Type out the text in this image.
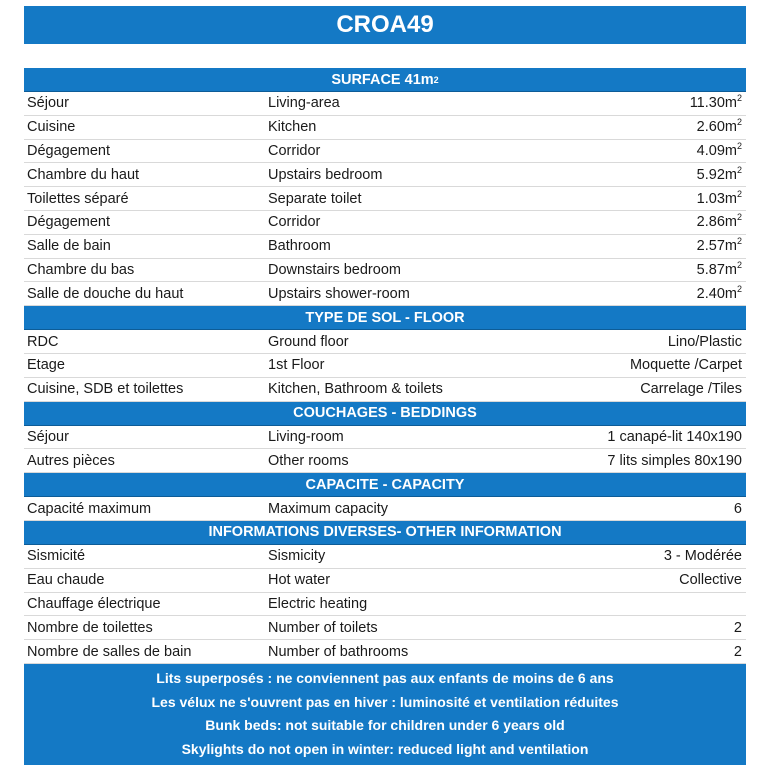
CROA49
SURFACE 41m 2
Séjour	Living-area	$11.30m^2$
Cuisine	Kitchen	$2.60m^2$
Dégagement	Corridor	$4.09m^2$
Chambre du haut	Upstairs bedroom	$5.92m^2$
Toilettes séparé	Separate toilet	$1.03m^2$
Dégagement	Corridor	$2.86m^2$
Salle de bain	Bathroom	$2.57m^2$
Chambre du bas	Downstairs bedroom	$5.87m^2$
Salle de douche du haut	Upstairs shower-room	$2.40m^2$
TYPE DE SOL - FLOOR
RDC	Ground floor	Lino/Plastic
Etage	1st Floor	Moquette /Carpet
Cuisine, SDB et toilettes	Kitchen, Bathroom & toilets	Carrelage /Tiles
COUCHAGES - BEDDINGS
Séjour	Living-room	1 canapé-lit 140x190
Autres pièces	Other rooms	7 lits simples 80x190
CAPACITE - CAPACITY
Capacité maximum	Maximum capacity	6
INFORMATIONS DIVERSES- OTHER INFORMATION
Sismicité	Sismicity	3 - Modérée
Eau chaude	Hot water	Collective
Chauffage électrique	Electric heating
Nombre de toilettes	Number of toilets	2
Nombre de salles de bain	Number of bathrooms	2
Lits superposés : ne conviennent pas aux enfants de moins de 6 ans
Les vélux ne s'ouvrent pas en hiver : luminosité et ventilation réduites
Bunk beds: not suitable for children under 6 years old
Skylights do not open in winter: reduced light and ventilation
